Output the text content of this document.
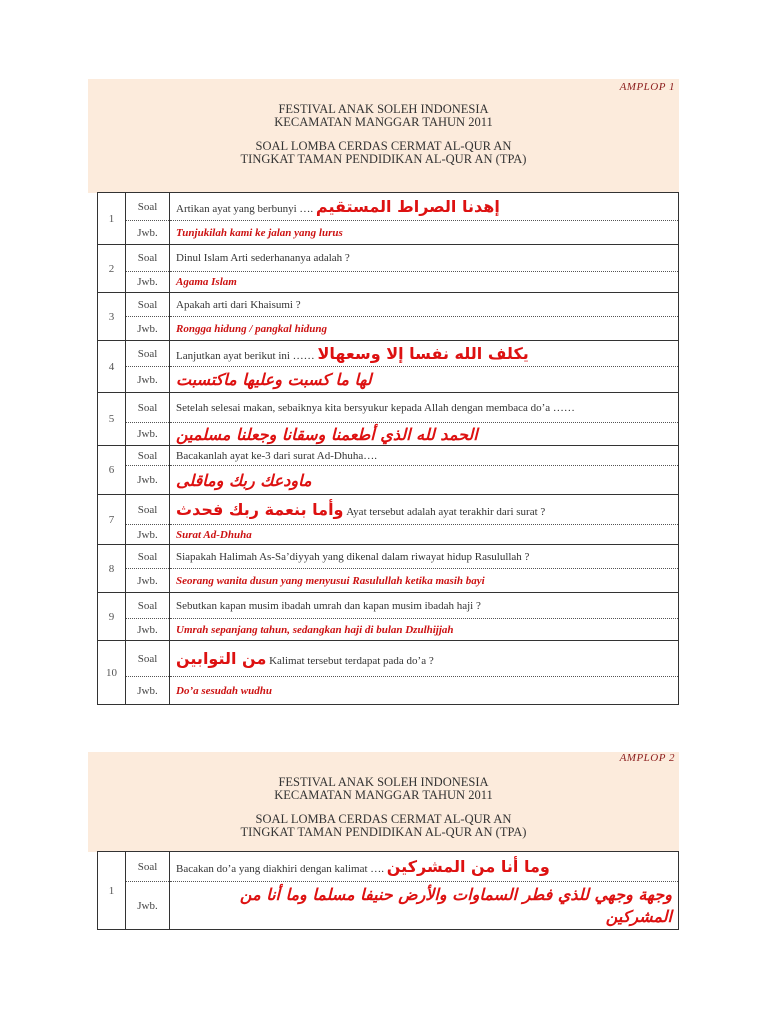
AMPLOP 1
FESTIVAL ANAK SOLEH INDONESIA
KECAMATAN MANGGAR TAHUN 2011
SOAL LOMBA CERDAS CERMAT AL-QUR AN
TINGKAT TAMAN PENDIDIKAN AL-QUR AN (TPA)
1	Soal	Artikan ayat yang berbunyi …. إهدنا الصراط المستقيم
	Jwb.	Tunjukilah kami ke jalan yang lurus
2	Soal	Dinul Islam Arti sederhananya adalah ?
	Jwb.	Agama Islam
3	Soal	Apakah arti dari Khaisumi ?
	Jwb.	Rongga hidung / pangkal hidung
4	Soal	Lanjutkan ayat berikut ini …… يكلف الله نفسا إلا وسعهالا
	Jwb.	لها ما كسبت وعليها ماكتسبت
5	Soal	Setelah selesai makan, sebaiknya kita bersyukur kepada Allah dengan membaca do’a ……
	Jwb.	الحمد لله الذي أطعمنا وسقانا وجعلنا مسلمين
6	Soal	Bacakanlah ayat ke-3 dari surat Ad-Dhuha….
	Jwb.	ماودعك ربك وماقلى
7	Soal	وأما بنعمة ربك فحدث Ayat tersebut adalah ayat terakhir dari surat ?
	Jwb.	Surat Ad-Dhuha
8	Soal	Siapakah Halimah As-Sa’diyyah yang dikenal dalam riwayat hidup Rasulullah ?
	Jwb.	Seorang wanita dusun yang menyusui Rasulullah ketika masih bayi
9	Soal	Sebutkan kapan musim ibadah umrah dan kapan musim ibadah haji ?
	Jwb.	Umrah sepanjang tahun, sedangkan haji di bulan Dzulhijjah
10	Soal	من التوابين Kalimat tersebut terdapat pada do’a ?
	Jwb.	Do’a sesudah wudhu
AMPLOP 2
FESTIVAL ANAK SOLEH INDONESIA
KECAMATAN MANGGAR TAHUN 2011
SOAL LOMBA CERDAS CERMAT AL-QUR AN
TINGKAT TAMAN PENDIDIKAN AL-QUR AN (TPA)
1	Soal	Bacakan do’a yang diakhiri dengan kalimat …. وما أنا من المشركين
	Jwb.	وجهة وجهي للذي فطر السماوات والأرض حنيفا مسلما وما أنا من المشركين
